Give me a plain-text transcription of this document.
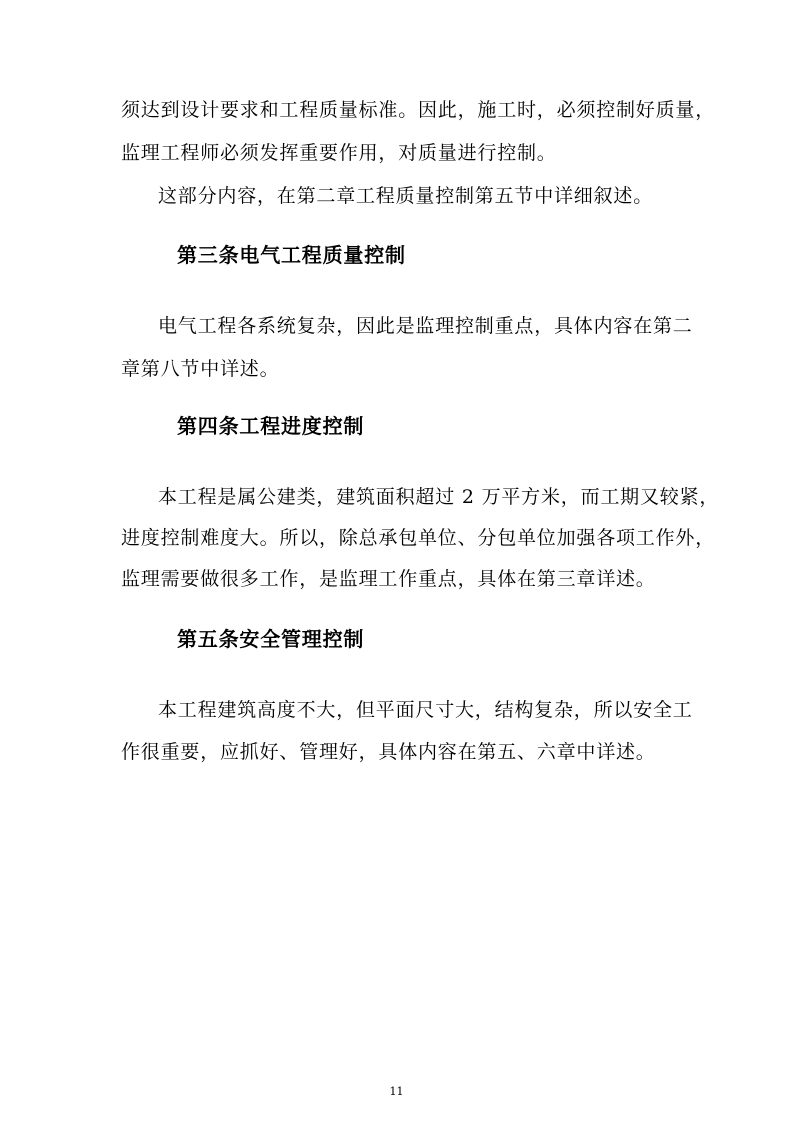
须达到设计要求和工程质量标准。因此，施工时，必须控制好质量，
监理工程师必须发挥重要作用，对质量进行控制。
这部分内容，在第二章工程质量控制第五节中详细叙述。
第三条电气工程质量控制
电气工程各系统复杂，因此是监理控制重点，具体内容在第二
章第八节中详述。
第四条工程进度控制
本工程是属公建类，建筑面积超过 2 万平方米，而工期又较紧，
进度控制难度大。所以，除总承包单位、分包单位加强各项工作外，
监理需要做很多工作，是监理工作重点，具体在第三章详述。
第五条安全管理控制
本工程建筑高度不大，但平面尺寸大，结构复杂，所以安全工
作很重要，应抓好、管理好，具体内容在第五、六章中详述。
11
